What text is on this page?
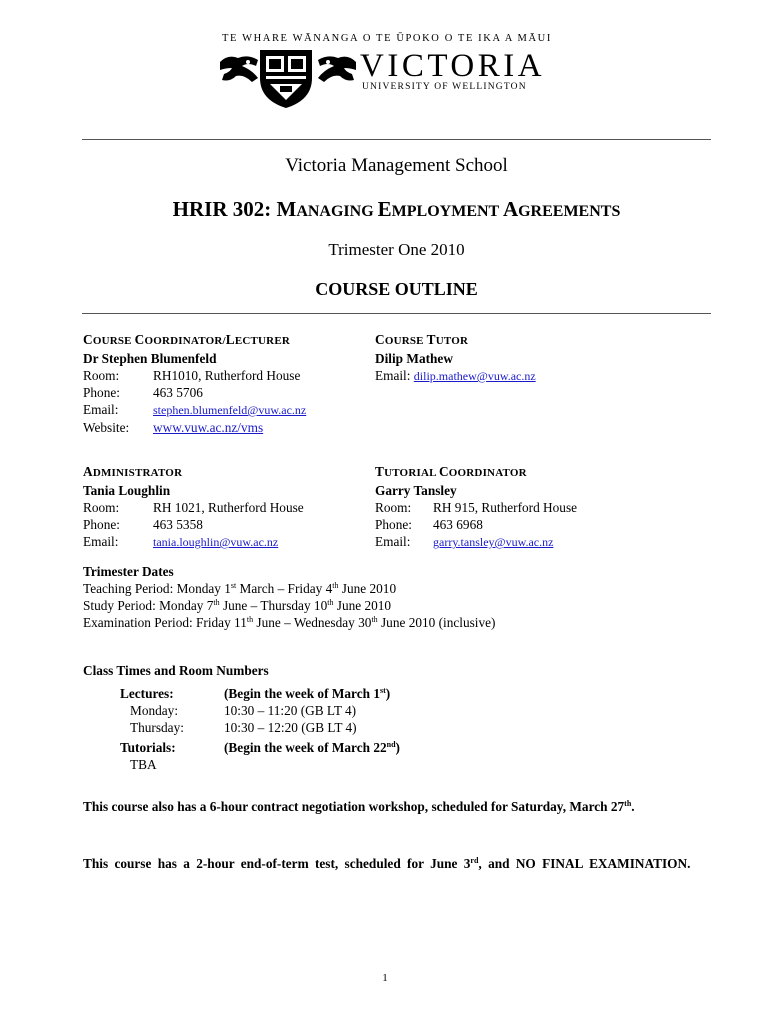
TE WHARE WĀNANGA O TE ŪPOKO O TE IKA A MĀUI
VICTORIA
UNIVERSITY OF WELLINGTON
Victoria Management School
HRIR 302: MANAGING EMPLOYMENT AGREEMENTS
Trimester One 2010
COURSE OUTLINE
COURSE COORDINATOR/LECTURER
Dr Stephen Blumenfeld
Room:	RH1010, Rutherford House
Phone: 463 5706
Email:	stephen.blumenfeld@vuw.ac.nz
Website: www.vuw.ac.nz/vms
COURSE TUTOR
Dilip Mathew
Email: dilip.mathew@vuw.ac.nz
ADMINISTRATOR
Tania Loughlin
Room:	RH 1021, Rutherford House
Phone: 463 5358
Email:	tania.loughlin@vuw.ac.nz
TUTORIAL COORDINATOR
Garry Tansley
Room: RH 915, Rutherford House
Phone: 463 6968
Email: garry.tansley@vuw.ac.nz
Trimester Dates
Teaching Period: Monday 1st March – Friday 4th June 2010
Study Period: Monday 7th June – Thursday 10th June 2010
Examination Period: Friday 11th June – Wednesday 30th June 2010 (inclusive)
Class Times and Room Numbers
Lectures:	(Begin the week of March 1st)
Monday:	10:30 – 11:20 (GB LT 4)
Thursday:	10:30 – 12:20 (GB LT 4)
Tutorials:	(Begin the week of March 22nd)
TBA
This course also has a 6-hour contract negotiation workshop, scheduled for Saturday, March 27th.
This course has a 2-hour end-of-term test, scheduled for June 3rd, and NO FINAL EXAMINATION.
1
